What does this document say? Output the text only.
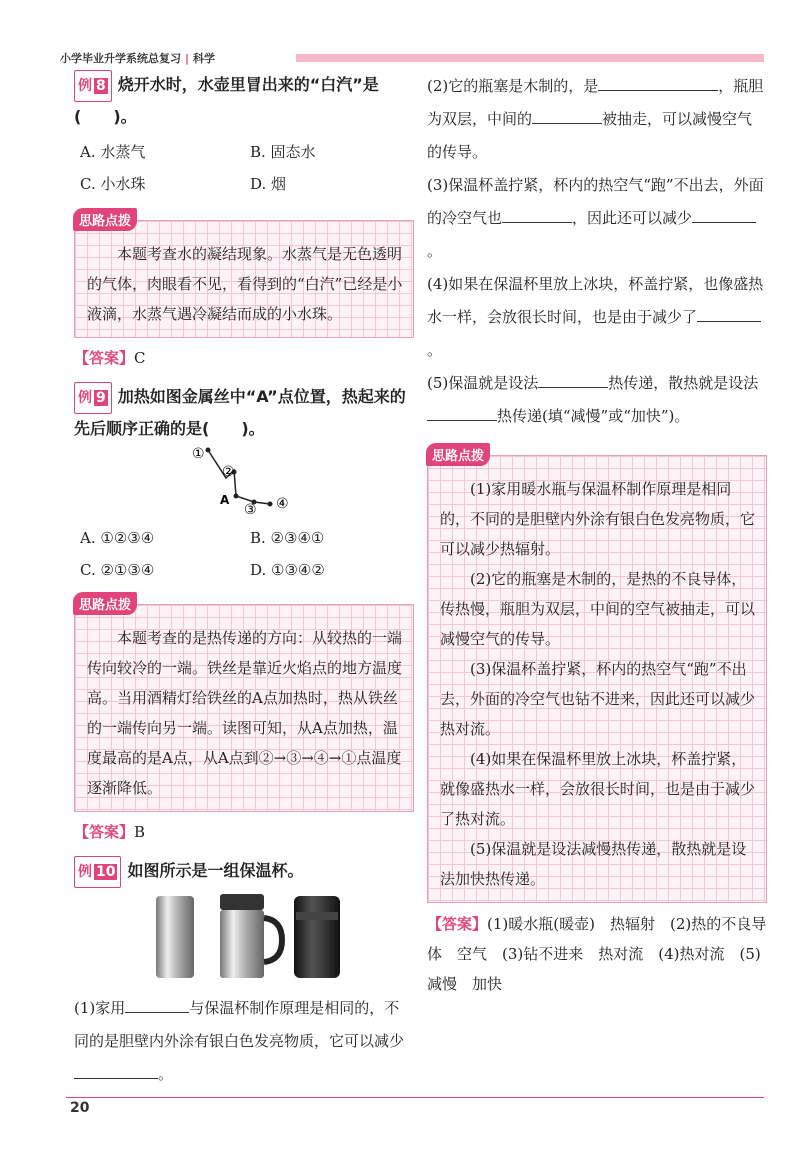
小学毕业升学系统总复习 | 科学

例 8 烧开水时，水壶里冒出来的“白汽”是(　　)。

A. 水蒸气	B. 固态水
C. 小水珠	D. 烟
思路点拨

本题考查水的凝结现象。水蒸气是无色透明的气体，肉眼看不见，看得到的“白汽”已经是小液滴，水蒸气遇冷凝结而成的小水珠。

【答案】C

例 9 加热如图金属丝中“A”点位置，热起来的先后顺序正确的是(　　)。

①
②
A
③ ④
A. ①②③④	B. ②③④①
C. ②①③④	D. ①③④②
思路点拨

本题考查的是热传递的方向：从较热的一端传向较冷的一端。铁丝是靠近火焰点的地方温度高。当用酒精灯给铁丝的A点加热时，热从铁丝的一端传向另一端。读图可知，从A点加热，温度最高的是A点，从A点到②→③→④→①点温度逐渐降低。

【答案】B

例 10 如图所示是一组保温杯。

(1)家用	与保温杯制作原理是相同的，不同的是胆壁内外涂有银白色发亮物质，它可以减少。

(2)它的瓶塞是木制的，是	，瓶胆为双层，中间的	被抽走，可以减慢空气的传导。

(3)保温杯盖拧紧，杯内的热空气“跑”不出去，外面的冷空气也	，因此还可以减少。

(4)如果在保温杯里放上冰块，杯盖拧紧，也像盛热水一样，会放很长时间，也是由于减少了。

(5)保温就是设法	热传递，散热就是设法热传递(填“减慢”或“加快”)。

思路点拨

(1)家用暖水瓶与保温杯制作原理是相同的，不同的是胆壁内外涂有银白色发亮物质，它可以减少热辐射。

(2)它的瓶塞是木制的，是热的不良导体，传热慢，瓶胆为双层，中间的空气被抽走，可以减慢空气的传导。

(3)保温杯盖拧紧，杯内的热空气“跑”不出去，外面的冷空气也钻不进来，因此还可以减少热对流。

(4)如果在保温杯里放上冰块，杯盖拧紧，就像盛热水一样，会放很长时间，也是由于减少了热对流。

(5)保温就是设法减慢热传递，散热就是设法加快热传递。

【答案】(1)暖水瓶(暖壶)　热辐射　(2)热的不良导体　空气　(3)钻不进来　热对流　(4)热对流　(5)减慢　加快
20
